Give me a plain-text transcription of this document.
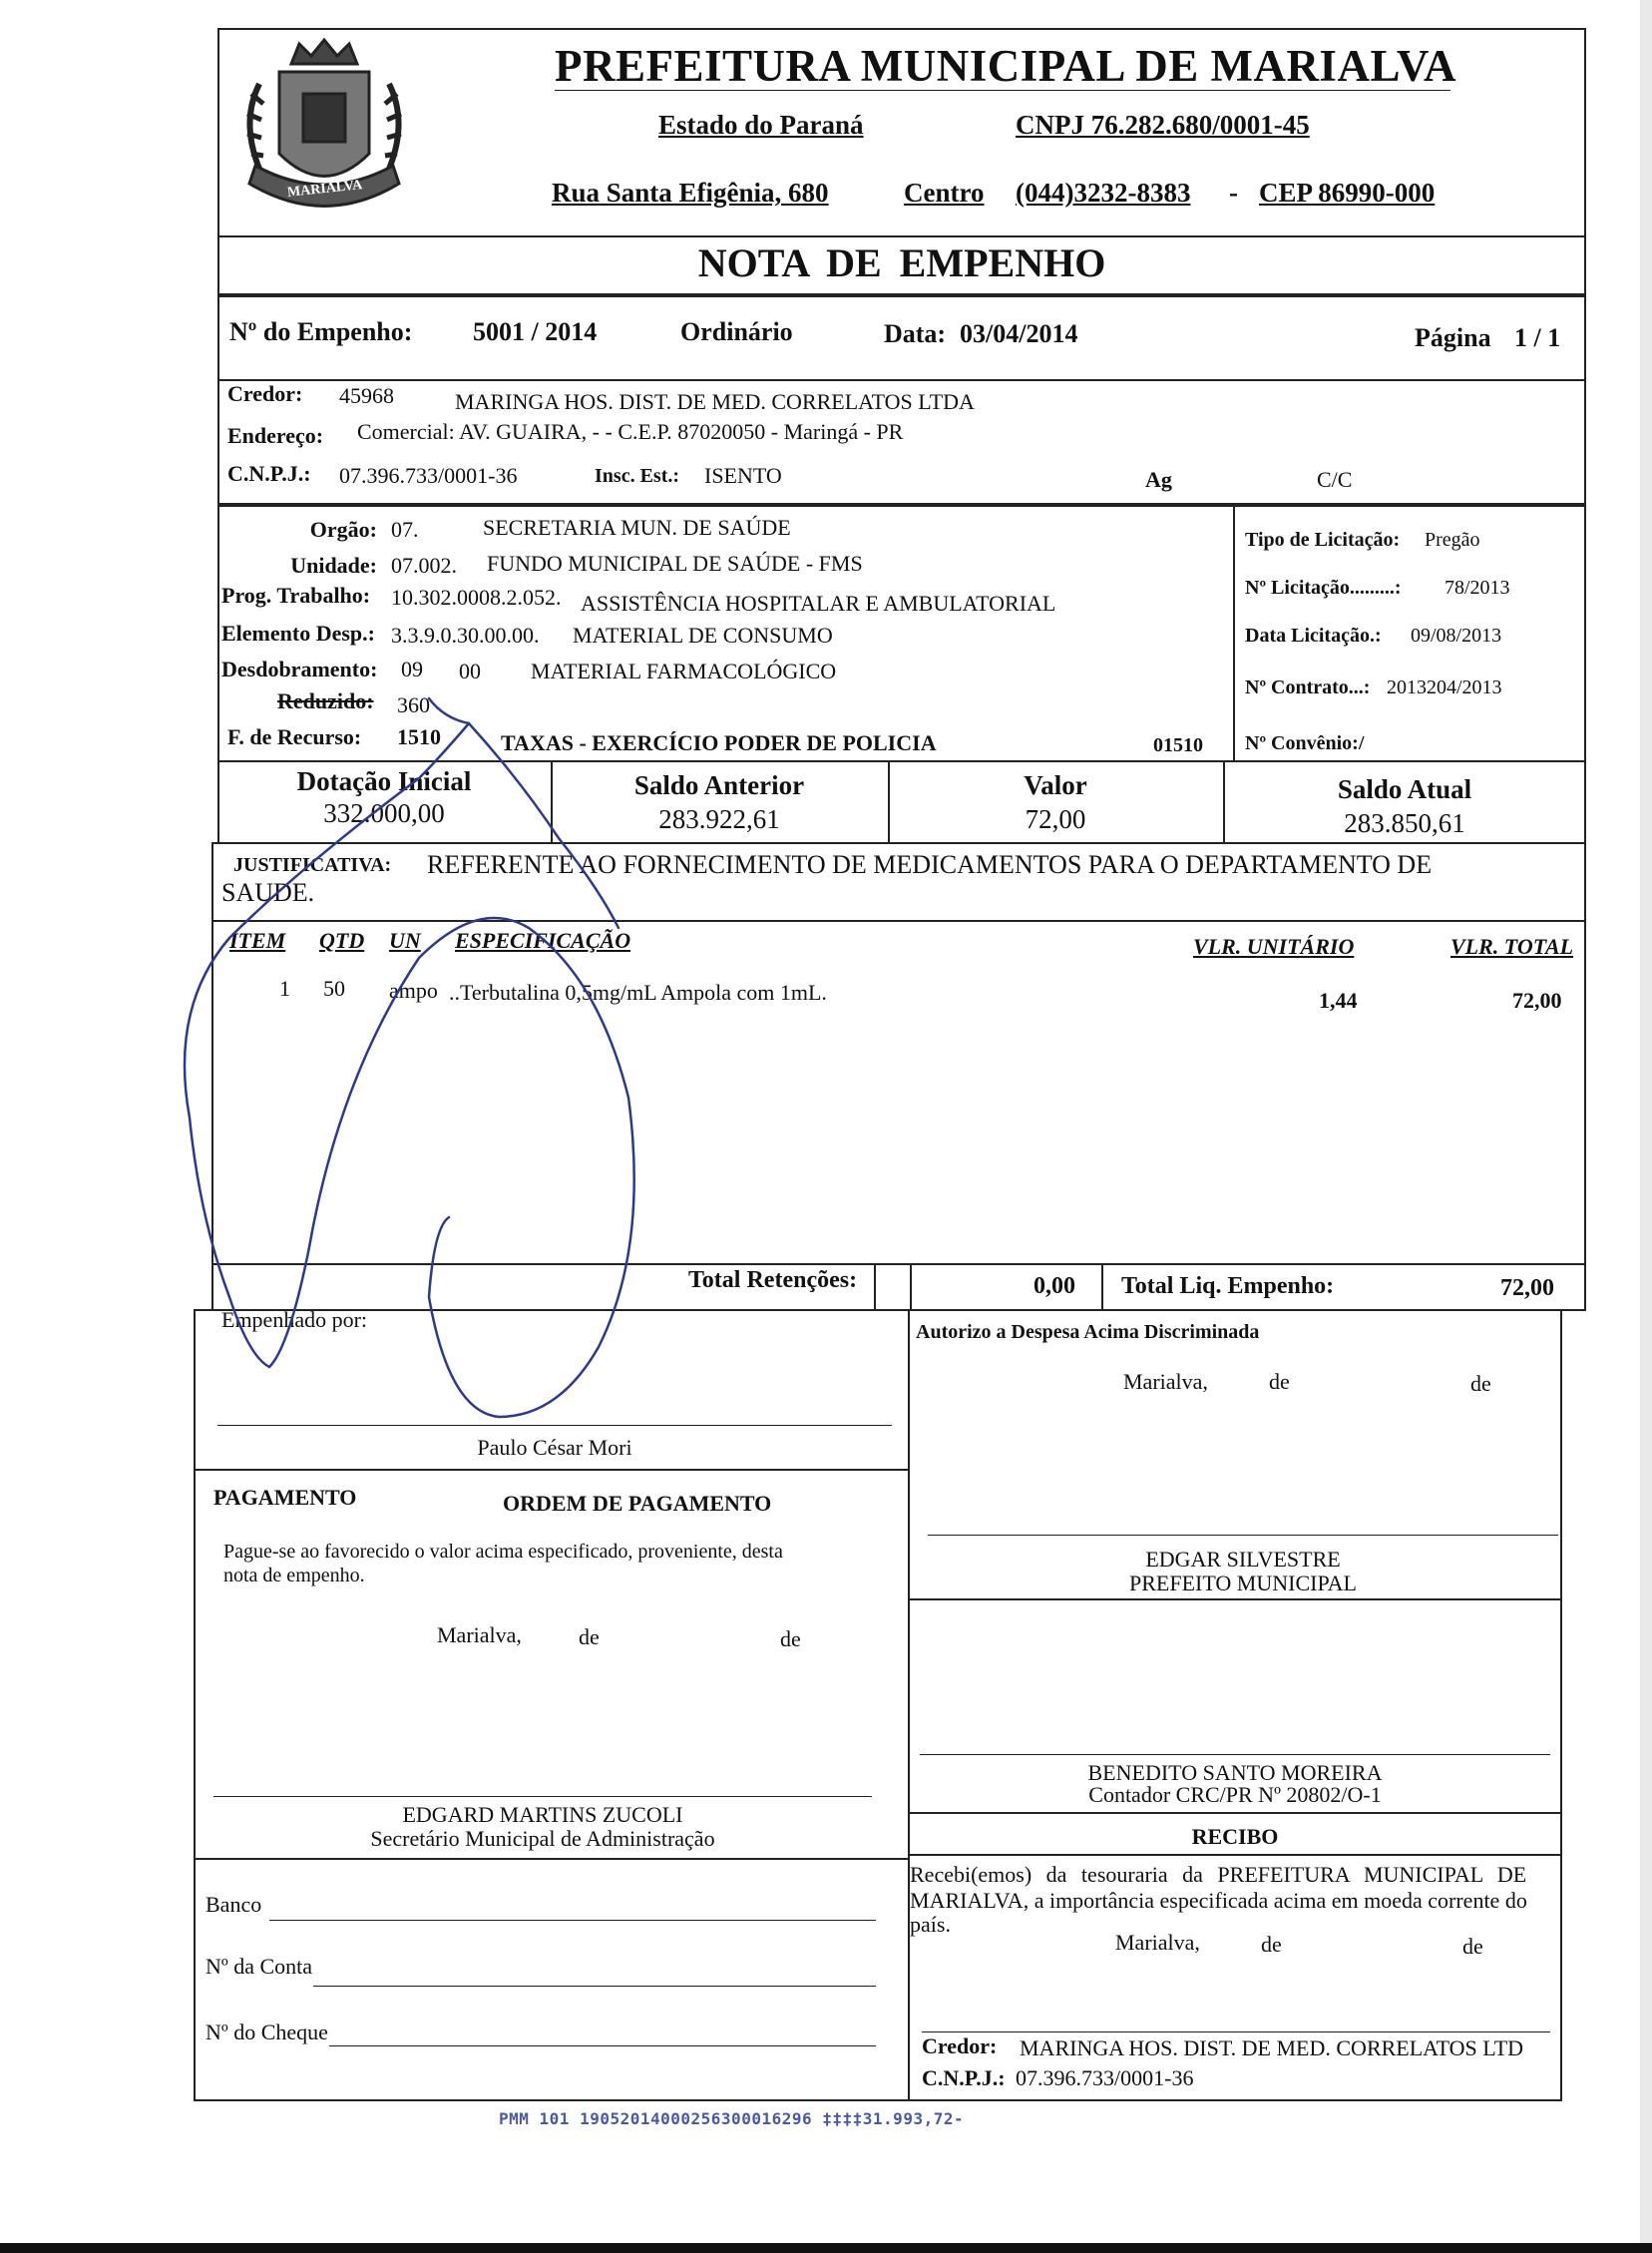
MARIALVA
PREFEITURA MUNICIPAL DE MARIALVA
Estado do Paraná	CNPJ 76.282.680/0001-45
Rua Santa Efigênia, 680	Centro (044)3232-8383 - CEP 86990-000
NOTA DE EMPENHO
Nº do Empenho: 5001 / 2014	Ordinário	Data: 03/04/2014	Página 1 / 1
Credor: 45968	MARINGA HOS. DIST. DE MED. CORRELATOS LTDA
Endereço: Comercial: AV. GUAIRA, - - C.E.P. 87020050 - Maringá - PR
C.N.P.J.: 07.396.733/0001-36	Insc. Est.: ISENTO	Ag	C/C
Orgão: 07.	SECRETARIA MUN. DE SAÚDE
Unidade: 07.002. FUNDO MUNICIPAL DE SAÚDE - FMS
Prog. Trabalho: 10.302.0008.2.052. ASSISTÊNCIA HOSPITALAR E AMBULATORIAL
Elemento Desp.: 3.3.9.0.30.00.00. MATERIAL DE CONSUMO
Desdobramento: 09 00 MATERIAL FARMACOLÓGICO
Reduzido: 360
F. de Recurso: 1510	TAXAS - EXERCÍCIO PODER DE POLICIA	01510
Tipo de Licitação: Pregão
Nº Licitação.........: 78/2013
Data Licitação.: 09/08/2013
Nº Contrato...: 2013204/2013
Nº Convênio:/
Dotação Inicial
332.000,00
Saldo Anterior
283.922,61
Valor
72,00
Saldo Atual
283.850,61
JUSTIFICATIVA: REFERENTE AO FORNECIMENTO DE MEDICAMENTOS PARA O DEPARTAMENTO DE
SAUDE.
ITEM QTD UN ESPECIFICAÇÃO	VLR. UNITÁRIO	VLR. TOTAL
1 50 ampo ..Terbutalina 0,5mg/mL Ampola com 1mL.	1,44	72,00
Total Retenções:	0,00 Total Liq. Empenho:	72,00
Empenhado por:
Paulo César Mori
Autorizo a Despesa Acima Discriminada
Marialva,	de	de
EDGAR SILVESTRE
PREFEITO MUNICIPAL
PAGAMENTO	ORDEM DE PAGAMENTO
Pague-se ao favorecido o valor acima especificado, proveniente, desta
nota de empenho.
Marialva,	de	de
EDGARD MARTINS ZUCOLI
Secretário Municipal de Administração
BENEDITO SANTO MOREIRA
Contador CRC/PR Nº 20802/O-1
RECIBO
Recebi(emos) da tesouraria da PREFEITURA MUNICIPAL DE
MARIALVA, a importância especificada acima em moeda corrente do
país.
Marialva,	de	de
Credor: MARINGA HOS. DIST. DE MED. CORRELATOS LTD
C.N.P.J.: 07.396.733/0001-36
Banco
Nº da Conta
Nº do Cheque
PMM 101 19052014000256300016296 ‡‡‡‡31.993,72-
